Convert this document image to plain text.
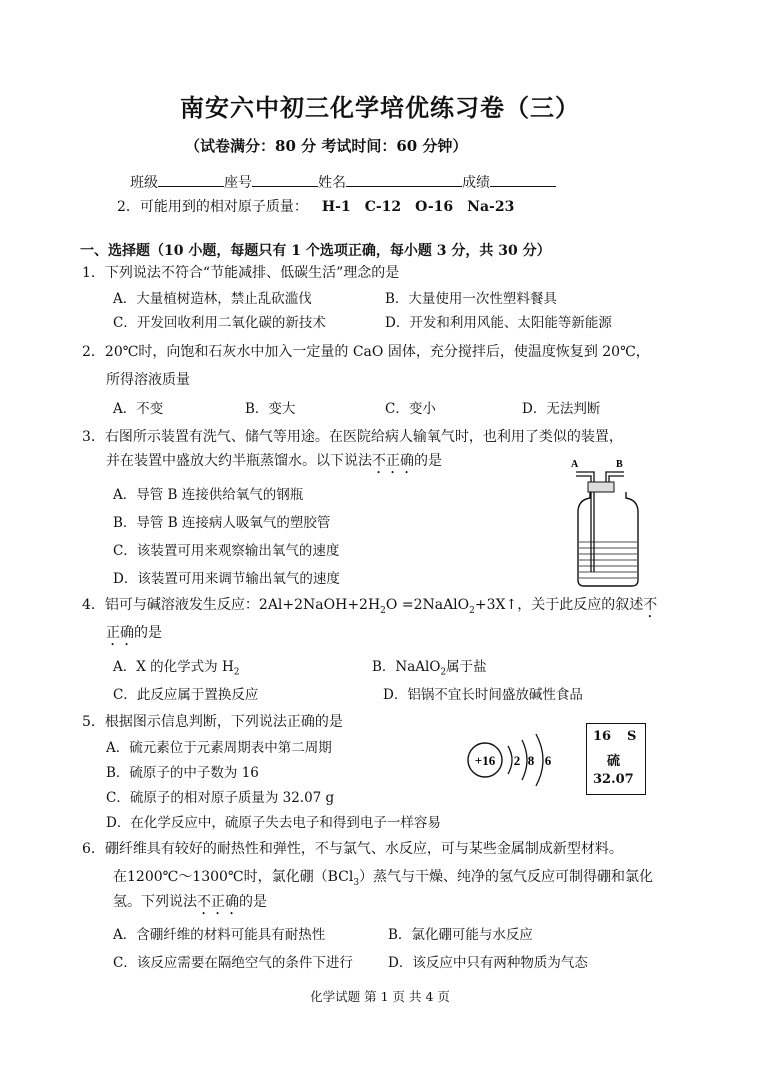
南安六中初三化学培优练习卷（三）
（试卷满分：80 分 考试时间：60 分钟）
班级	座号	姓名	成绩
2．可能用到的相对原子质量： H-1 C-12 O-16 Na-23
一、选择题（10 小题，每题只有 1 个选项正确，每小题 3 分，共 30 分）
1．下列说法不符合“节能减排、低碳生活”理念的是
A．大量植树造林，禁止乱砍滥伐	B．大量使用一次性塑料餐具
C．开发回收利用二氧化碳的新技术	D．开发和利用风能、太阳能等新能源
2．20℃时，向饱和石灰水中加入一定量的 CaO 固体，充分搅拌后，使温度恢复到 20℃，
所得溶液质量
A．不变	B．变大	C．变小	D．无法判断
3．右图所示装置有洗气、储气等用途。在医院给病人输氧气时，也利用了类似的装置，
并在装置中盛放大约半瓶蒸馏水。以下说法不正确的是
A．导管 B 连接供给氧气的钢瓶
B．导管 B 连接病人吸氧气的塑胶管
C．该装置可用来观察输出氧气的速度
D．该装置可用来调节输出氧气的速度
A	B
4．铝可与碱溶液发生反应：$2Al+2NaOH+2H_2O$ =2NaAlO$_2$+3X↑，关于此反应的叙述不
正确的是
A．X 的化学式为 $H_2$	B．NaAlO$_2$属于盐
C．此反应属于置换反应	D．铝锅不宜长时间盛放碱性食品
5．根据图示信息判断，下列说法正确的是
A．硫元素位于元素周期表中第二周期
B．硫原子的中子数为 16
C．硫原子的相对原子质量为 32.07 g
D．在化学反应中，硫原子失去电子和得到电子一样容易
+16 2 8 6
16 S
硫
32.07
6．硼纤维具有较好的耐热性和弹性，不与氯气、水反应，可与某些金属制成新型材料。
在1200℃～1300℃时，氯化硼（BCl$_3$）蒸气与干燥、纯净的氢气反应可制得硼和氯化
氢。下列说法不正确的是
A．含硼纤维的材料可能具有耐热性	B．氯化硼可能与水反应
C．该反应需要在隔绝空气的条件下进行	D．该反应中只有两种物质为气态
化学试题 第 1 页 共 4 页
